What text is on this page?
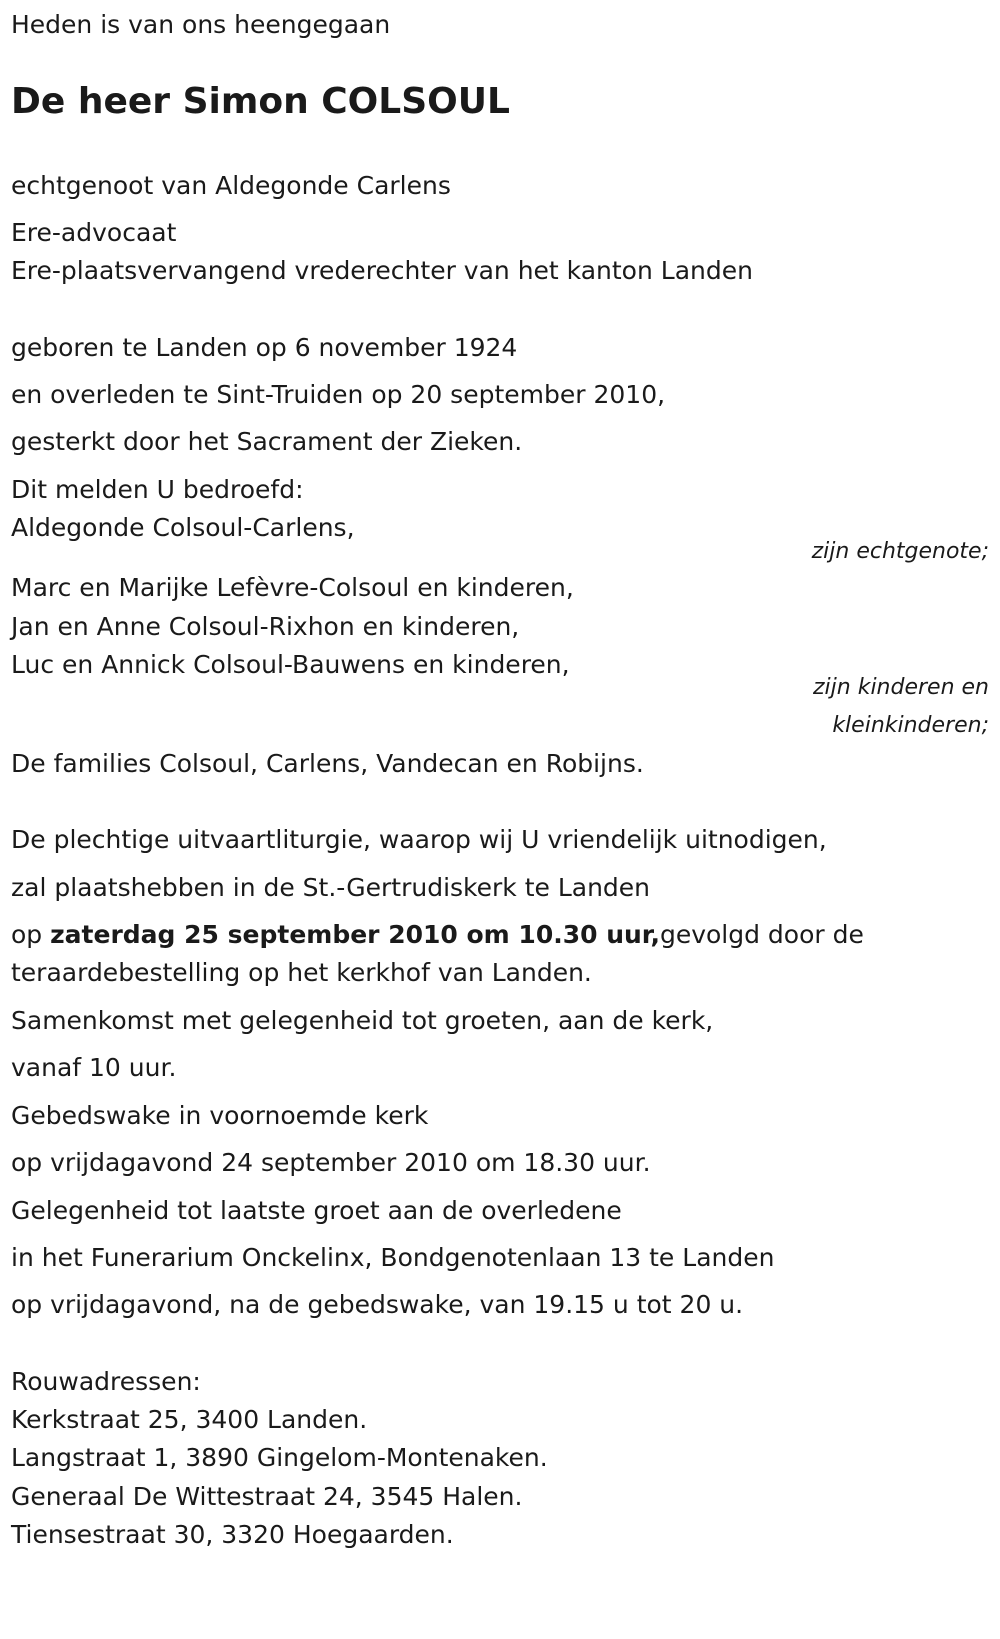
Heden is van ons heengegaan
De heer Simon COLSOUL
echtgenoot van Aldegonde Carlens
Ere-advocaat
Ere-plaatsvervangend vrederechter van het kanton Landen
geboren te Landen op 6 november 1924
en overleden te Sint-Truiden op 20 september 2010,
gesterkt door het Sacrament der Zieken.
Dit melden U bedroefd:
Aldegonde Colsoul-Carlens,
zijn echtgenote;
Marc en Marijke Lefèvre-Colsoul en kinderen,
Jan en Anne Colsoul-Rixhon en kinderen,
Luc en Annick Colsoul-Bauwens en kinderen,
zijn kinderen en
kleinkinderen;
De families Colsoul, Carlens, Vandecan en Robijns.
De plechtige uitvaartliturgie, waarop wij U vriendelijk uitnodigen,
zal plaatshebben in de St.-Gertrudiskerk te Landen
op zaterdag 25 september 2010 om 10.30 uur,gevolgd door de
teraardebestelling op het kerkhof van Landen.
Samenkomst met gelegenheid tot groeten, aan de kerk,
vanaf 10 uur.
Gebedswake in voornoemde kerk
op vrijdagavond 24 september 2010 om 18.30 uur.
Gelegenheid tot laatste groet aan de overledene
in het Funerarium Onckelinx, Bondgenotenlaan 13 te Landen
op vrijdagavond, na de gebedswake, van 19.15 u tot 20 u.
Rouwadressen:
Kerkstraat 25, 3400 Landen.
Langstraat 1, 3890 Gingelom-Montenaken.
Generaal De Wittestraat 24, 3545 Halen.
Tiensestraat 30, 3320 Hoegaarden.
